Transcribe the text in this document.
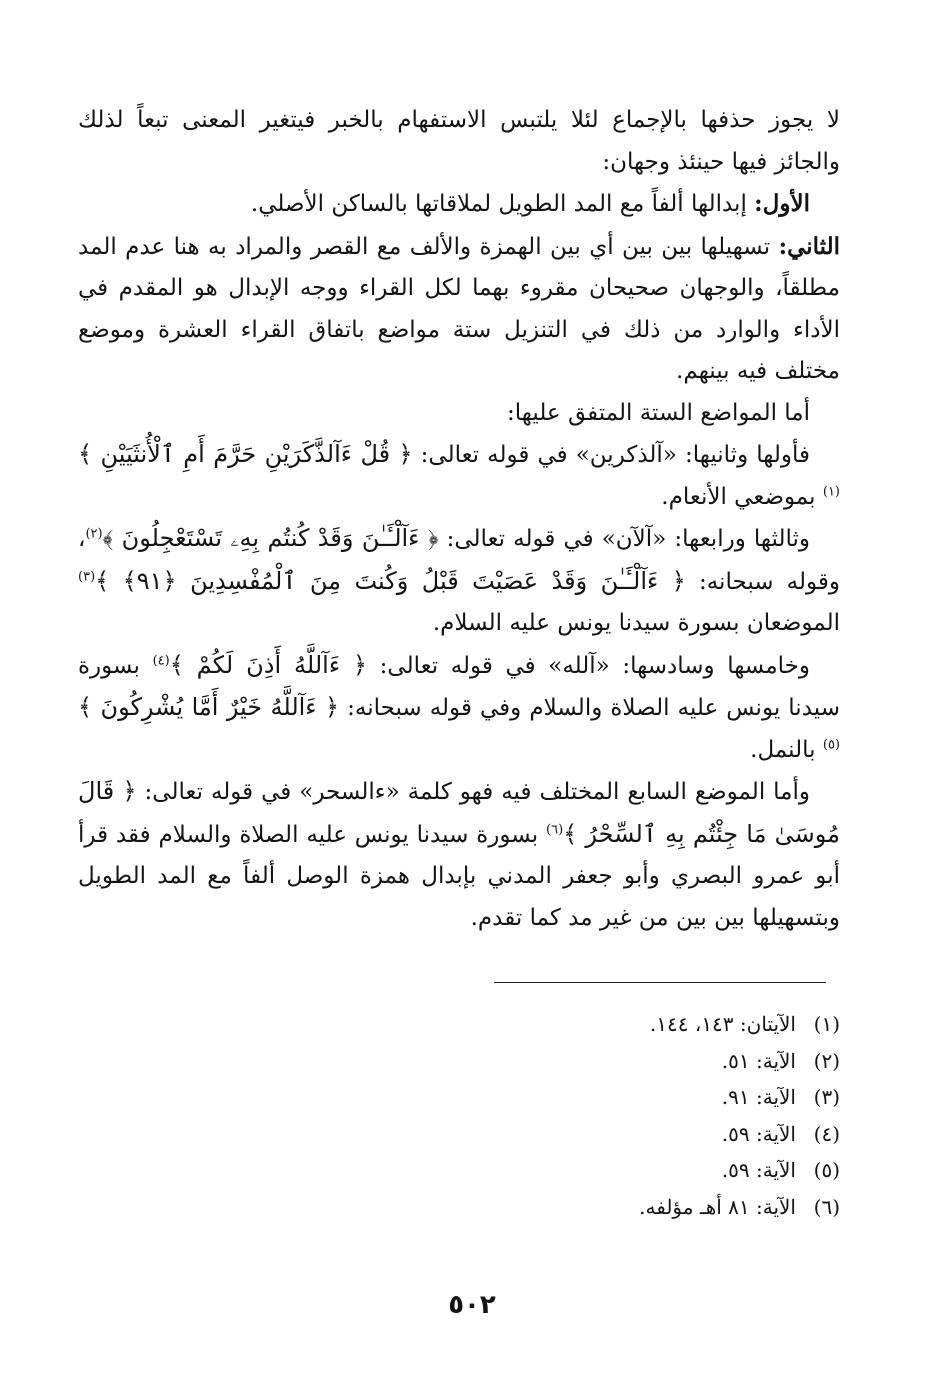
لا يجوز حذفها بالإجماع لئلا يلتبس الاستفهام بالخبر فيتغير المعنى تبعاً لذلك والجائز فيها حينئذ وجهان:

الأول: إبدالها ألفاً مع المد الطويل لملاقاتها بالساكن الأصلي.

الثاني: تسهيلها بين بين أي بين الهمزة والألف مع القصر والمراد به هنا عدم المد مطلقاً، والوجهان صحيحان مقروء بهما لكل القراء ووجه الإبدال هو المقدم في الأداء والوارد من ذلك في التنزيل ستة مواضع باتفاق القراء العشرة وموضع مختلف فيه بينهم.

أما المواضع الستة المتفق عليها:

فأولها وثانيها: «آلذكرين» في قوله تعالى: ﴿ قُلْ ءَآلذَّكَرَيْنِ حَرَّمَ أَمِ ٱلْأُنثَيَيْنِ ﴾$^{(١)}$ بموضعي الأنعام.

وثالثها ورابعها: «آلآن» في قوله تعالى: ﴿ ءَآلْـَٔـٰنَ وَقَدْ كُنتُم بِهِۦ تَسْتَعْجِلُونَ ﴾$^{(٢)}$، وقوله سبحانه: ﴿ ءَآلْـَٔـٰنَ وَقَدْ عَصَيْتَ قَبْلُ وَكُنتَ مِنَ ٱلْمُفْسِدِينَ ﴿٩١﴾ ﴾$^{(٣)}$ الموضعان بسورة سيدنا يونس عليه السلام.

وخامسها وسادسها: «آلله» في قوله تعالى: ﴿ ءَآللَّهُ أَذِنَ لَكُمْ ﴾$^{(٤)}$ بسورة سيدنا يونس عليه الصلاة والسلام وفي قوله سبحانه: ﴿ ءَآللَّهُ خَيْرٌ أَمَّا يُشْرِكُونَ ﴾$^{(٥)}$ بالنمل.

وأما الموضع السابع المختلف فيه فهو كلمة «ءالسحر» في قوله تعالى: ﴿ قَالَ مُوسَىٰ مَا جِئْتُم بِهِ ٱلسِّحْرُ ﴾$^{(٦)}$ بسورة سيدنا يونس عليه الصلاة والسلام فقد قرأ أبو عمرو البصري وأبو جعفر المدني بإبدال همزة الوصل ألفاً مع المد الطويل وبتسهيلها بين بين من غير مد كما تقدم.

(١)الآيتان: ١٤٣، ١٤٤.
(٢)الآية: ٥١.
(٣)الآية: ٩١.
(٤)الآية: ٥٩.
(٥)الآية: ٥٩.
(٦)الآية: ٨١ أهـ مؤلفه.
٥٠٢
